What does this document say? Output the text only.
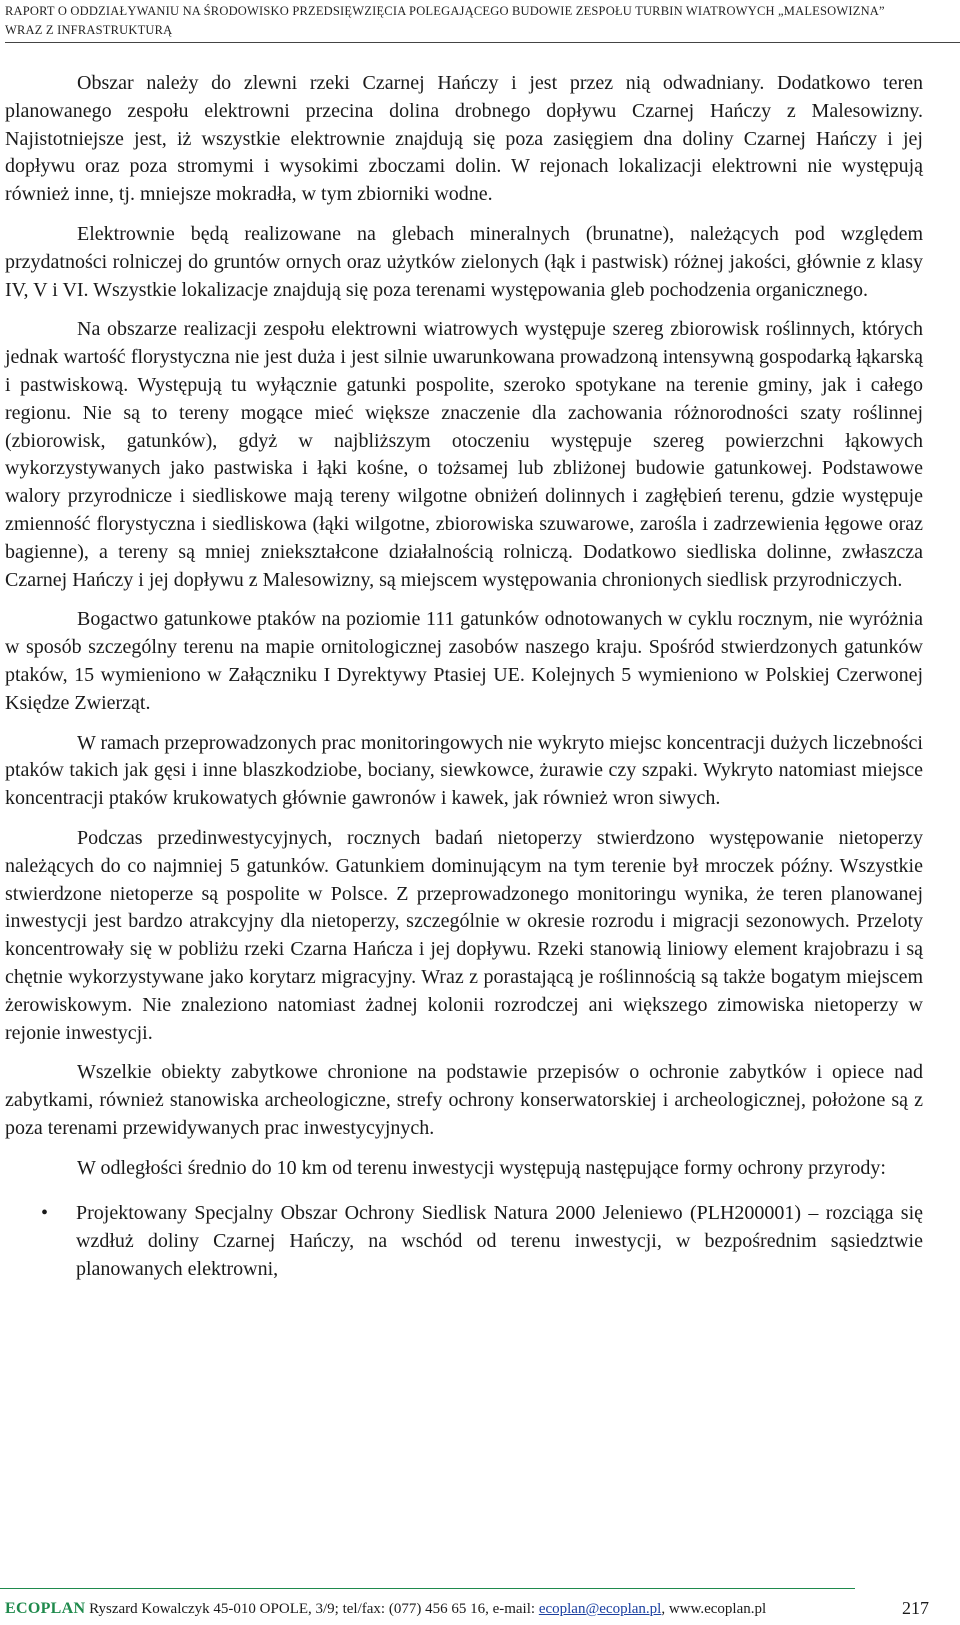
RAPORT O ODDZIAŁYWANIU NA ŚRODOWISKO PRZEDSIĘWZIĘCIA POLEGAJĄCEGO BUDOWIE ZESPOŁU TURBIN WIATROWYCH „MALESOWIZNA”
WRAZ Z INFRASTRUKTURĄ

Obszar należy do zlewni rzeki Czarnej Hańczy i jest przez nią odwadniany. Dodatkowo teren planowanego zespołu elektrowni przecina dolina drobnego dopływu Czarnej Hańczy z Malesowizny. Najistotniejsze jest, iż wszystkie elektrownie znajdują się poza zasięgiem dna doliny Czarnej Hańczy i jej dopływu oraz poza stromymi i wysokimi zboczami dolin. W rejonach lokalizacji elektrowni nie występują również inne, tj. mniejsze mokradła, w tym zbiorniki wodne.

Elektrownie będą realizowane na glebach mineralnych (brunatne), należących pod względem przydatności rolniczej do gruntów ornych oraz użytków zielonych (łąk i pastwisk) różnej jakości, głównie z klasy IV, V i VI. Wszystkie lokalizacje znajdują się poza terenami występowania gleb pochodzenia organicznego.

Na obszarze realizacji zespołu elektrowni wiatrowych występuje szereg zbiorowisk roślinnych, których jednak wartość florystyczna nie jest duża i jest silnie uwarunkowana prowadzoną intensywną gospodarką łąkarską i pastwiskową. Występują tu wyłącznie gatunki pospolite, szeroko spotykane na terenie gminy, jak i całego regionu. Nie są to tereny mogące mieć większe znaczenie dla zachowania różnorodności szaty roślinnej (zbiorowisk, gatunków), gdyż w najbliższym otoczeniu występuje szereg powierzchni łąkowych wykorzystywanych jako pastwiska i łąki kośne, o tożsamej lub zbliżonej budowie gatunkowej. Podstawowe walory przyrodnicze i siedliskowe mają tereny wilgotne obniżeń dolinnych i zagłębień terenu, gdzie występuje zmienność florystyczna i siedliskowa (łąki wilgotne, zbiorowiska szuwarowe, zarośla i zadrzewienia łęgowe oraz bagienne), a tereny są mniej zniekształcone działalnością rolniczą. Dodatkowo siedliska dolinne, zwłaszcza Czarnej Hańczy i jej dopływu z Malesowizny, są miejscem występowania chronionych siedlisk przyrodniczych.

Bogactwo gatunkowe ptaków na poziomie 111 gatunków odnotowanych w cyklu rocznym, nie wyróżnia w sposób szczególny terenu na mapie ornitologicznej zasobów naszego kraju. Spośród stwierdzonych gatunków ptaków, 15 wymieniono w Załączniku I Dyrektywy Ptasiej UE. Kolejnych 5 wymieniono w Polskiej Czerwonej Księdze Zwierząt.

W ramach przeprowadzonych prac monitoringowych nie wykryto miejsc koncentracji dużych liczebności ptaków takich jak gęsi i inne blaszkodziobe, bociany, siewkowce, żurawie czy szpaki. Wykryto natomiast miejsce koncentracji ptaków krukowatych głównie gawronów i kawek, jak również wron siwych.

Podczas przedinwestycyjnych, rocznych badań nietoperzy stwierdzono występowanie nietoperzy należących do co najmniej 5 gatunków. Gatunkiem dominującym na tym terenie był mroczek późny. Wszystkie stwierdzone nietoperze są pospolite w Polsce. Z przeprowadzonego monitoringu wynika, że teren planowanej inwestycji jest bardzo atrakcyjny dla nietoperzy, szczególnie w okresie rozrodu i migracji sezonowych. Przeloty koncentrowały się w pobliżu rzeki Czarna Hańcza i jej dopływu. Rzeki stanowią liniowy element krajobrazu i są chętnie wykorzystywane jako korytarz migracyjny. Wraz z porastającą je roślinnością są także bogatym miejscem żerowiskowym. Nie znaleziono natomiast żadnej kolonii rozrodczej ani większego zimowiska nietoperzy w rejonie inwestycji.

Wszelkie obiekty zabytkowe chronione na podstawie przepisów o ochronie zabytków i opiece nad zabytkami, również stanowiska archeologiczne, strefy ochrony konserwatorskiej i archeologicznej, położone są z poza terenami przewidywanych prac inwestycyjnych.

W odległości średnio do 10 km od terenu inwestycji występują następujące formy ochrony przyrody:

• Projektowany Specjalny Obszar Ochrony Siedlisk Natura 2000 Jeleniewo (PLH200001) – rozciąga się wzdłuż doliny Czarnej Hańczy, na wschód od terenu inwestycji, w bezpośrednim sąsiedztwie planowanych elektrowni,
ECOPLAN Ryszard Kowalczyk 45-010 OPOLE, 3/9; tel/fax: (077) 456 65 16, e-mail: ecoplan@ecoplan.pl, www.ecoplan.pl	217
